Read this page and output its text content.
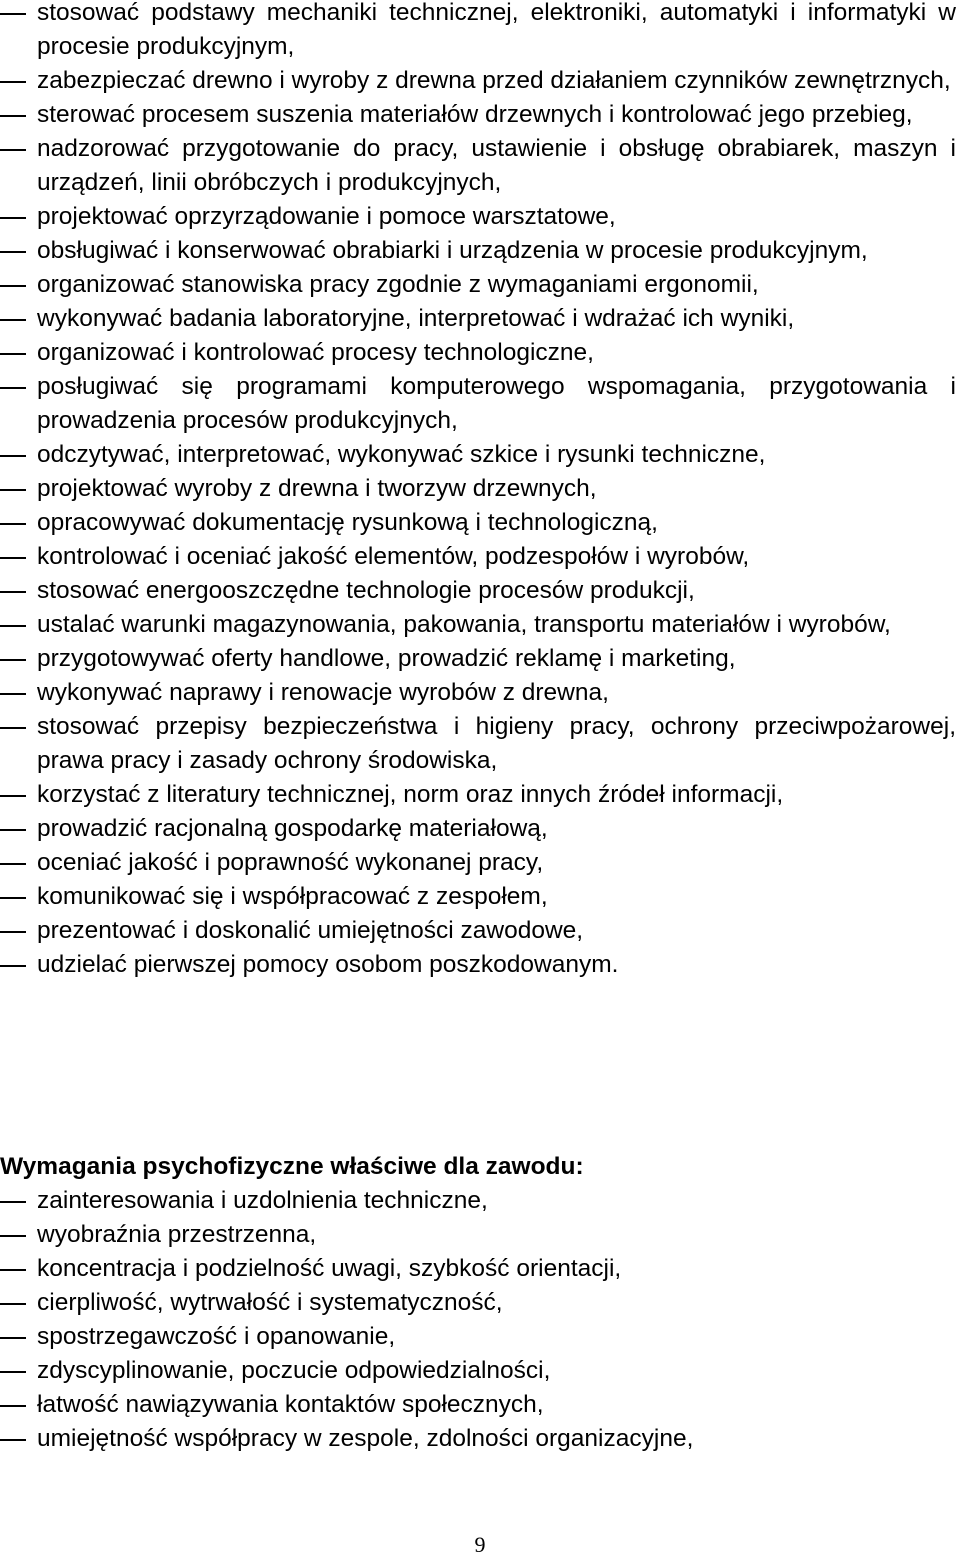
stosować podstawy mechaniki technicznej, elektroniki, automatyki i informatyki w procesie produkcyjnym,
zabezpieczać drewno i wyroby z drewna przed działaniem czynników zewnętrznych,
sterować procesem suszenia materiałów drzewnych i kontrolować jego przebieg,
nadzorować przygotowanie do pracy, ustawienie i obsługę obrabiarek, maszyn i urządzeń, linii obróbczych i produkcyjnych,
projektować oprzyrządowanie i pomoce warsztatowe,
obsługiwać i konserwować obrabiarki i urządzenia w procesie produkcyjnym,
organizować stanowiska pracy zgodnie z wymaganiami ergonomii,
wykonywać badania laboratoryjne, interpretować i wdrażać ich wyniki,
organizować i kontrolować procesy technologiczne,
posługiwać się programami komputerowego wspomagania, przygotowania i prowadzenia procesów produkcyjnych,
odczytywać, interpretować, wykonywać szkice i rysunki techniczne,
projektować wyroby z drewna i tworzyw drzewnych,
opracowywać dokumentację rysunkową i technologiczną,
kontrolować i oceniać jakość elementów, podzespołów i wyrobów,
stosować energooszczędne technologie procesów produkcji,
ustalać warunki magazynowania, pakowania, transportu materiałów i wyrobów,
przygotowywać oferty handlowe, prowadzić reklamę i marketing,
wykonywać naprawy i renowacje wyrobów z drewna,
stosować przepisy bezpieczeństwa i higieny pracy, ochrony przeciwpożarowej, prawa pracy i zasady ochrony środowiska,
korzystać z literatury technicznej, norm oraz innych źródeł informacji,
prowadzić racjonalną gospodarkę materiałową,
oceniać jakość i poprawność wykonanej pracy,
komunikować się i współpracować z zespołem,
prezentować i doskonalić umiejętności zawodowe,
udzielać pierwszej pomocy osobom poszkodowanym.
Wymagania psychofizyczne właściwe dla zawodu:
zainteresowania i uzdolnienia techniczne,
wyobraźnia przestrzenna,
koncentracja i podzielność uwagi, szybkość orientacji,
cierpliwość, wytrwałość i systematyczność,
spostrzegawczość i opanowanie,
zdyscyplinowanie, poczucie odpowiedzialności,
łatwość nawiązywania kontaktów społecznych,
umiejętność współpracy w zespole, zdolności organizacyjne,
9
